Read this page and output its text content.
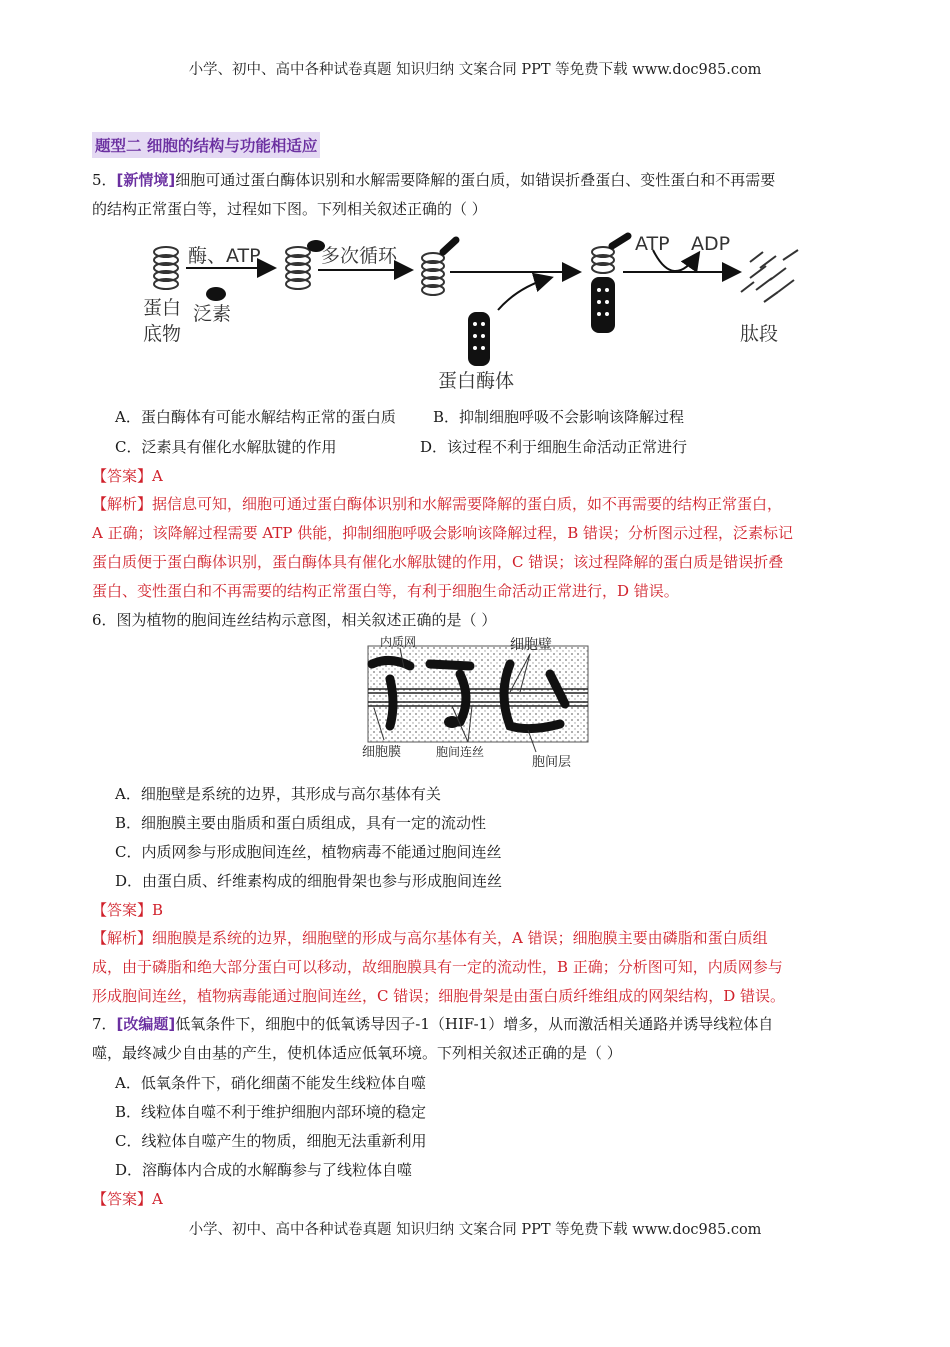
小学、初中、高中各种试卷真题 知识归纳 文案合同 PPT 等免费下载 www.doc985.com
题型二 细胞的结构与功能相适应
5．[新情境]细胞可通过蛋白酶体识别和水解需要降解的蛋白质，如错误折叠蛋白、变性蛋白和不再需要
的结构正常蛋白等，过程如下图。下列相关叙述正确的（ ）
蛋白
底物
泛素
酶、ATP	多次循环
蛋白酶体
ATP ADP
肽段
A．蛋白酶体有可能水解结构正常的蛋白质 B．抑制细胞呼吸不会影响该降解过程
C．泛素具有催化水解肽键的作用	D．该过程不利于细胞生命活动正常进行
【答案】A
【解析】据信息可知，细胞可通过蛋白酶体识别和水解需要降解的蛋白质，如不再需要的结构正常蛋白，
A 正确；该降解过程需要 ATP 供能，抑制细胞呼吸会影响该降解过程，B 错误；分析图示过程，泛素标记
蛋白质便于蛋白酶体识别，蛋白酶体具有催化水解肽键的作用，C 错误；该过程降解的蛋白质是错误折叠
蛋白、变性蛋白和不再需要的结构正常蛋白等，有利于细胞生命活动正常进行，D 错误。
6．图为植物的胞间连丝结构示意图，相关叙述正确的是（ ）
内质网	细胞壁
细胞膜	胞间连丝
胞间层
A．细胞壁是系统的边界，其形成与高尔基体有关
B．细胞膜主要由脂质和蛋白质组成，具有一定的流动性
C．内质网参与形成胞间连丝，植物病毒不能通过胞间连丝
D．由蛋白质、纤维素构成的细胞骨架也参与形成胞间连丝
【答案】B
【解析】细胞膜是系统的边界，细胞壁的形成与高尔基体有关，A 错误；细胞膜主要由磷脂和蛋白质组
成，由于磷脂和绝大部分蛋白可以移动，故细胞膜具有一定的流动性，B 正确；分析图可知，内质网参与
形成胞间连丝，植物病毒能通过胞间连丝，C 错误；细胞骨架是由蛋白质纤维组成的网架结构，D 错误。
7．[改编题]低氧条件下，细胞中的低氧诱导因子-1（HIF-1）增多，从而激活相关通路并诱导线粒体自
噬，最终减少自由基的产生，使机体适应低氧环境。下列相关叙述正确的是（ ）
A．低氧条件下，硝化细菌不能发生线粒体自噬
B．线粒体自噬不利于维护细胞内部环境的稳定
C．线粒体自噬产生的物质，细胞无法重新利用
D．溶酶体内合成的水解酶参与了线粒体自噬
【答案】A
小学、初中、高中各种试卷真题 知识归纳 文案合同 PPT 等免费下载 www.doc985.com
